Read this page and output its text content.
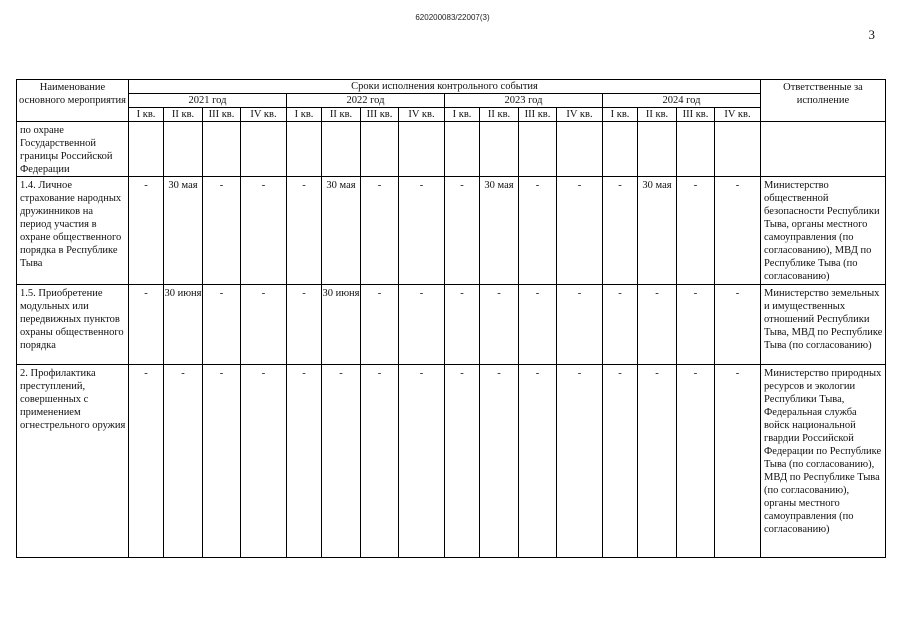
620200083/22007(3)
3
Наименование основного мероприятия	Сроки исполнения контрольного события																Ответственные за исполнение
	2021 год				2022 год				2023 год				2024 год				
	I кв.	II кв.	III кв.	IV кв.	I кв.	II кв.	III кв.	IV кв.	I кв.	II кв.	III кв.	IV кв.	I кв.	II кв.	III кв.	IV кв.	
по охране Государственной границы Российской Федерации																	
1.4. Личное страхование народных дружинников на период участия в охране общественного порядка в Республике Тыва	-	30 мая	-	-	-	30 мая	-	-	-	30 мая	-	-	-	30 мая	-	-	Министерство общественной безопасности Республики Тыва, органы местного самоуправления (по согласованию), МВД по Республике Тыва (по согласованию)
1.5. Приобретение модульных или передвижных пунктов охраны общественного порядка	-	30 июня	-	-	-	30 июня	-	-	-	-	-	-	-	-	-	-	Министерство земельных и имущественных отношений Республики Тыва, МВД по Республике Тыва (по согласованию)
2. Профилактика преступлений, совершенных с применением огнестрельного оружия	-	-	-	-	-	-	-	-	-	-	-	-	-	-	-	-	Министерство природных ресурсов и экологии Республики Тыва, Федеральная служба войск национальной гвардии Российской Федерации по Республике Тыва (по согласованию), МВД по Республике Тыва (по согласованию), органы местного самоуправления (по согласованию)
